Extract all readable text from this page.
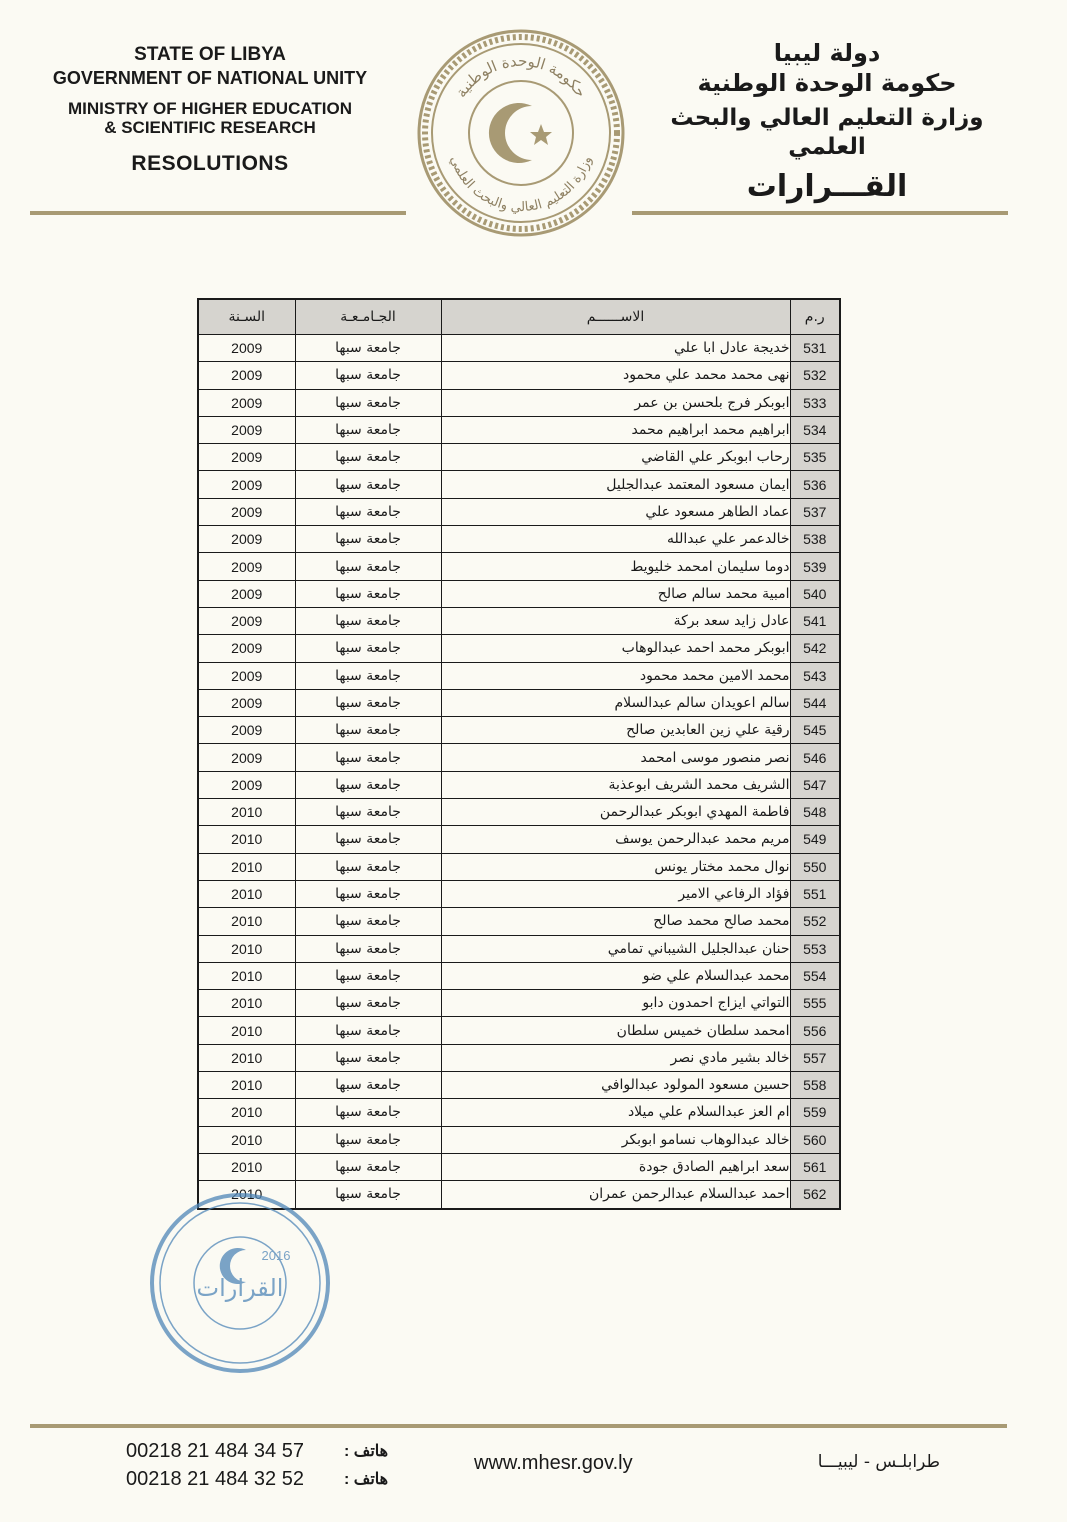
STATE OF LIBYA
GOVERNMENT OF NATIONAL UNITY
MINISTRY OF HIGHER EDUCATION
& SCIENTIFIC RESEARCH
RESOLUTIONS
دولة ليبيا
حكومة الوحدة الوطنية
وزارة التعليم العالي والبحث العلمي
القـــرارات
حكومة الوحدة الوطنية
وزارة التعليم العالي والبحث العلمي
السـنة	الجـامـعـة	الاســــــم	ر.م
2009	جامعة سبها	خديجة عادل ابا علي	531
2009	جامعة سبها	نهى محمد محمد علي محمود	532
2009	جامعة سبها	ابوبكر فرج بلحسن بن عمر	533
2009	جامعة سبها	ابراهيم محمد ابراهيم محمد	534
2009	جامعة سبها	رحاب ابوبكر علي القاضي	535
2009	جامعة سبها	ايمان مسعود المعتمد عبدالجليل	536
2009	جامعة سبها	عماد الطاهر مسعود علي	537
2009	جامعة سبها	خالدعمر علي عبدالله	538
2009	جامعة سبها	دوما سليمان امحمد خليويط	539
2009	جامعة سبها	امبية محمد سالم صالح	540
2009	جامعة سبها	عادل زايد سعد بركة	541
2009	جامعة سبها	ابوبكر محمد احمد عبدالوهاب	542
2009	جامعة سبها	محمد الامين محمد محمود	543
2009	جامعة سبها	سالم اعويدان سالم عبدالسلام	544
2009	جامعة سبها	رقية علي زين العابدين صالح	545
2009	جامعة سبها	نصر منصور موسى امحمد	546
2009	جامعة سبها	الشريف محمد الشريف ابوعذبة	547
2010	جامعة سبها	فاطمة المهدي ابوبكر عبدالرحمن	548
2010	جامعة سبها	مريم محمد عبدالرحمن يوسف	549
2010	جامعة سبها	نوال محمد مختار يونس	550
2010	جامعة سبها	فؤاد الرفاعي الامير	551
2010	جامعة سبها	محمد صالح محمد صالح	552
2010	جامعة سبها	حنان عبدالجليل الشيباني تمامي	553
2010	جامعة سبها	محمد عبدالسلام علي ضو	554
2010	جامعة سبها	التواتي ايزاج احمدون دابو	555
2010	جامعة سبها	امحمد سلطان خميس سلطان	556
2010	جامعة سبها	خالد بشير مادي نصر	557
2010	جامعة سبها	حسين مسعود المولود عبدالوافي	558
2010	جامعة سبها	ام العز عبدالسلام علي ميلاد	559
2010	جامعة سبها	خالد عبدالوهاب نسامو ابوبكر	560
2010	جامعة سبها	سعد ابراهيم الصادق جودة	561
2010	جامعة سبها	احمد عبدالسلام عبدالرحمن عمران	562
القرارات
2016
00218 21 484 34 57	هاتف :
00218 21 484 32 52	هاتف :
www.mhesr.gov.ly	طرابلـس - ليبيـــا
